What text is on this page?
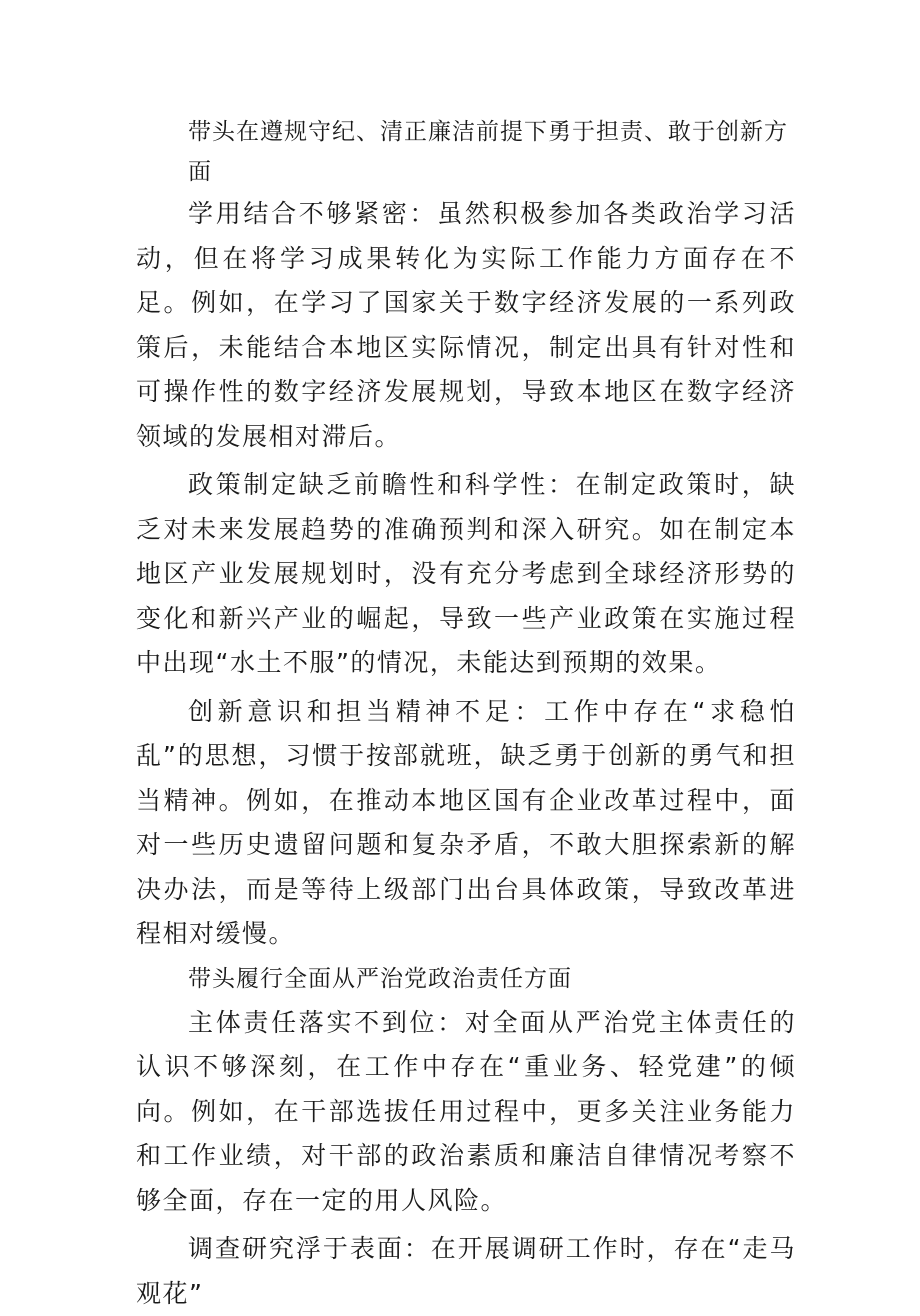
带头在遵规守纪、清正廉洁前提下勇于担责、敢于创新方面

学用结合不够紧密：虽然积极参加各类政治学习活动，但在将学习成果转化为实际工作能力方面存在不足。例如，在学习了国家关于数字经济发展的一系列政策后，未能结合本地区实际情况，制定出具有针对性和可操作性的数字经济发展规划，导致本地区在数字经济领域的发展相对滞后。

政策制定缺乏前瞻性和科学性：在制定政策时，缺乏对未来发展趋势的准确预判和深入研究。如在制定本地区产业发展规划时，没有充分考虑到全球经济形势的变化和新兴产业的崛起，导致一些产业政策在实施过程中出现“水土不服”的情况，未能达到预期的效果。

创新意识和担当精神不足：工作中存在“求稳怕乱”的思想，习惯于按部就班，缺乏勇于创新的勇气和担当精神。例如，在推动本地区国有企业改革过程中，面对一些历史遗留问题和复杂矛盾，不敢大胆探索新的解决办法，而是等待上级部门出台具体政策，导致改革进程相对缓慢。

带头履行全面从严治党政治责任方面

主体责任落实不到位：对全面从严治党主体责任的认识不够深刻，在工作中存在“重业务、轻党建”的倾向。例如，在干部选拔任用过程中，更多关注业务能力和工作业绩，对干部的政治素质和廉洁自律情况考察不够全面，存在一定的用人风险。

调查研究浮于表面：在开展调研工作时，存在“走马观花”
